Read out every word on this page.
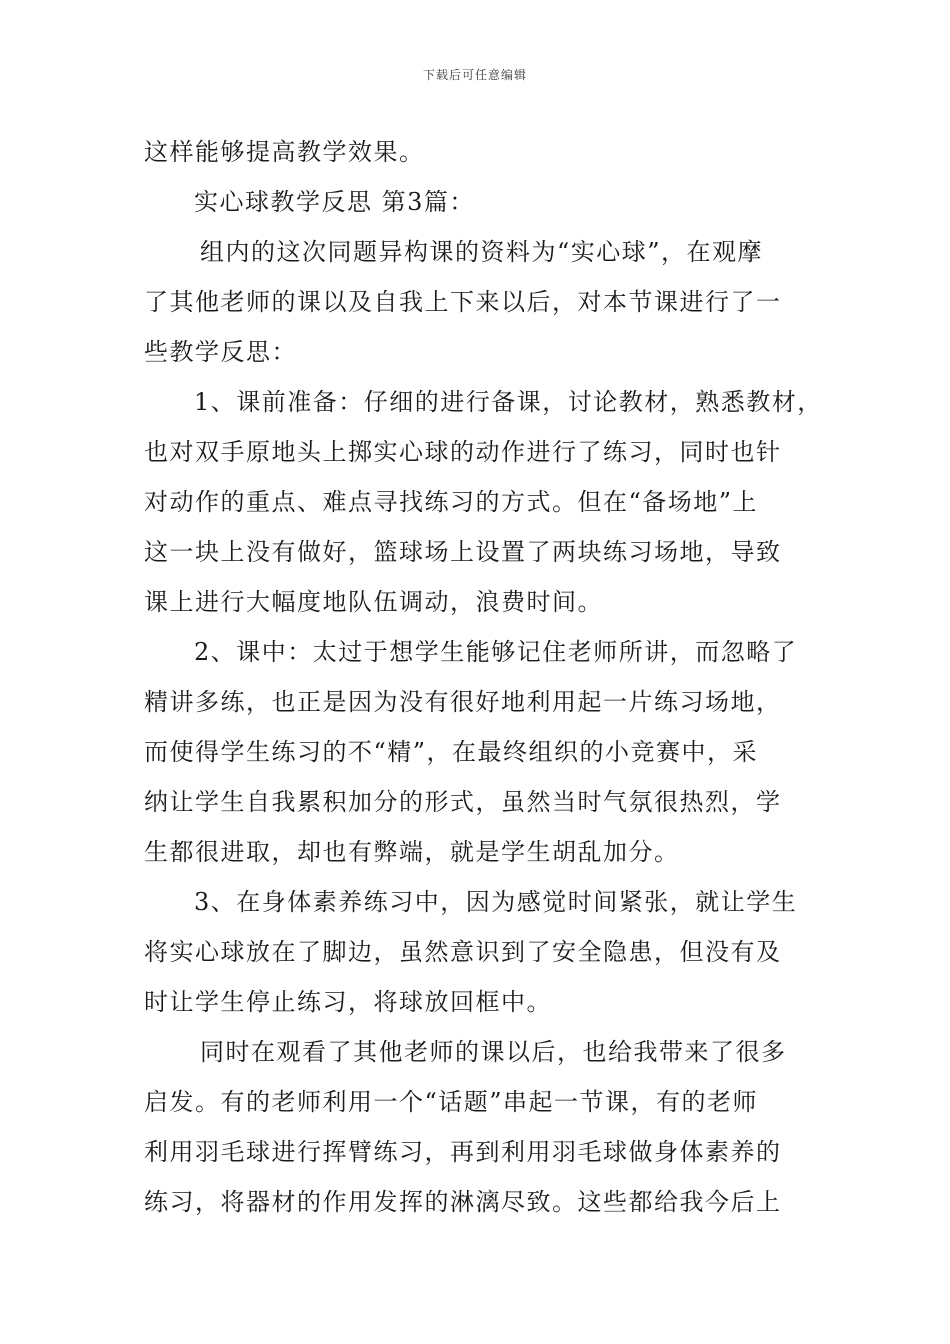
下载后可任意编辑
这样能够提高教学效果。
实心球教学反思 第3篇：
组内的这次同题异构课的资料为“实心球”，在观摩
了其他老师的课以及自我上下来以后，对本节课进行了一
些教学反思：
1、课前准备：仔细的进行备课，讨论教材，熟悉教材，
也对双手原地头上掷实心球的动作进行了练习，同时也针
对动作的重点、难点寻找练习的方式。但在“备场地”上
这一块上没有做好，篮球场上设置了两块练习场地，导致
课上进行大幅度地队伍调动，浪费时间。
2、课中：太过于想学生能够记住老师所讲，而忽略了
精讲多练，也正是因为没有很好地利用起一片练习场地，
而使得学生练习的不“精”，在最终组织的小竞赛中，采
纳让学生自我累积加分的形式，虽然当时气氛很热烈，学
生都很进取，却也有弊端，就是学生胡乱加分。
3、在身体素养练习中，因为感觉时间紧张，就让学生
将实心球放在了脚边，虽然意识到了安全隐患，但没有及
时让学生停止练习，将球放回框中。
同时在观看了其他老师的课以后，也给我带来了很多
启发。有的老师利用一个“话题”串起一节课，有的老师
利用羽毛球进行挥臂练习，再到利用羽毛球做身体素养的
练习，将器材的作用发挥的淋漓尽致。这些都给我今后上
